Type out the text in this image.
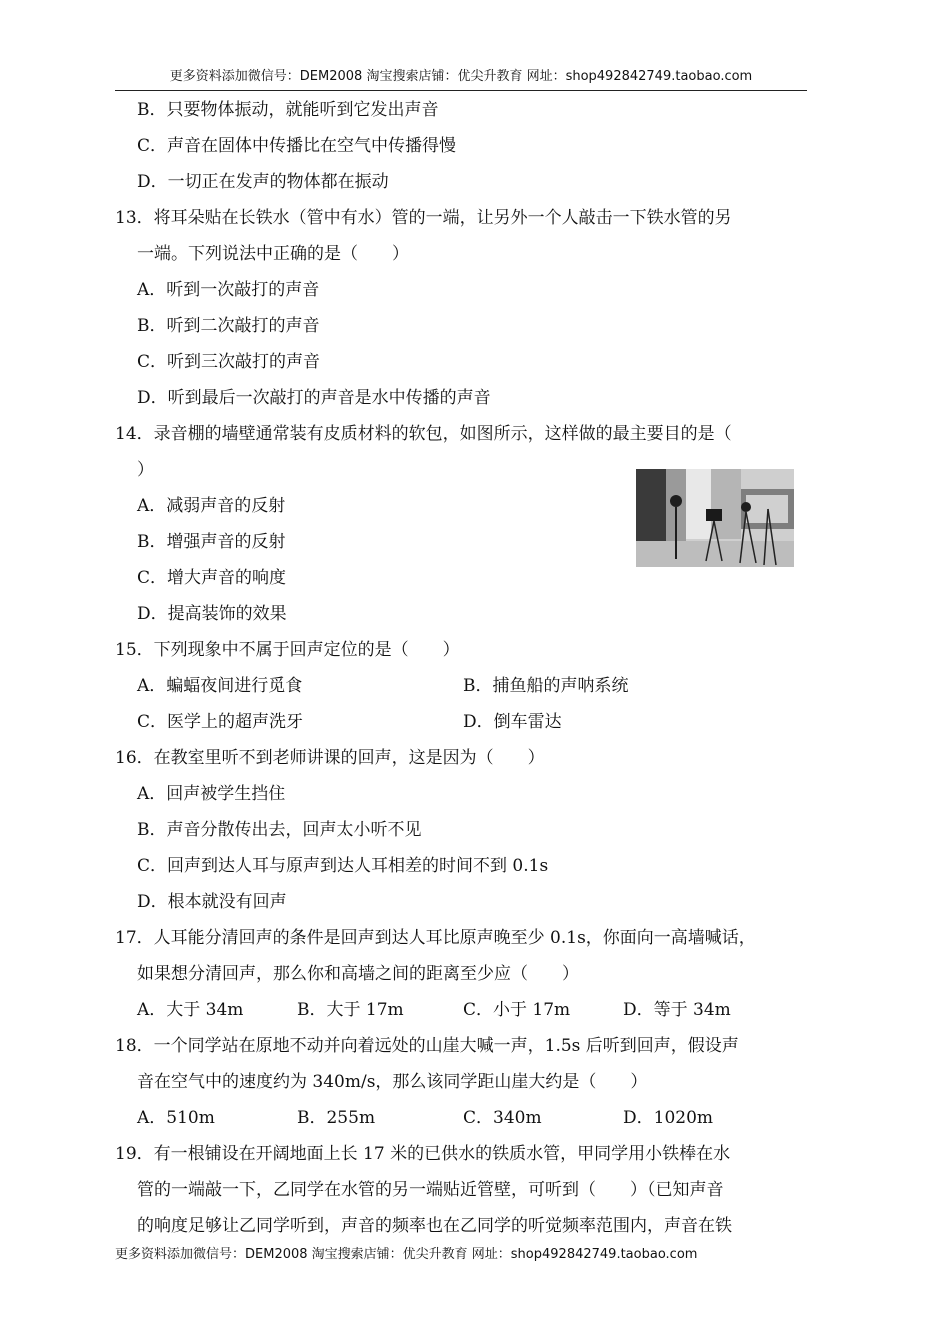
更多资料添加微信号：DEM2008 淘宝搜索店铺：优尖升教育 网址：shop492842749.taobao.com
B．只要物体振动，就能听到它发出声音
C．声音在固体中传播比在空气中传播得慢
D．一切正在发声的物体都在振动
13．将耳朵贴在长铁水（管中有水）管的一端，让另外一个人敲击一下铁水管的另
一端。下列说法中正确的是（　　）
A．听到一次敲打的声音
B．听到二次敲打的声音
C．听到三次敲打的声音
D．听到最后一次敲打的声音是水中传播的声音
14．录音棚的墙壁通常装有皮质材料的软包，如图所示，这样做的最主要目的是（
）
A．减弱声音的反射
B．增强声音的反射
C．增大声音的响度
D．提高装饰的效果
15．下列现象中不属于回声定位的是（　　）
A．蝙蝠夜间进行觅食	B．捕鱼船的声呐系统
C．医学上的超声洗牙	D．倒车雷达
16．在教室里听不到老师讲课的回声，这是因为（　　）
A．回声被学生挡住
B．声音分散传出去，回声太小听不见
C．回声到达人耳与原声到达人耳相差的时间不到 0.1s
D．根本就没有回声
17．人耳能分清回声的条件是回声到达人耳比原声晚至少 0.1s，你面向一高墙喊话，
如果想分清回声，那么你和高墙之间的距离至少应（　　）
A．大于 34m	B．大于 17m	C．小于 17m	D．等于 34m
18．一个同学站在原地不动并向着远处的山崖大喊一声，1.5s 后听到回声，假设声
音在空气中的速度约为 340m/s，那么该同学距山崖大约是（　　）
A．510m	B．255m	C．340m	D．1020m
19．有一根铺设在开阔地面上长 17 米的已供水的铁质水管，甲同学用小铁棒在水
管的一端敲一下，乙同学在水管的另一端贴近管壁，可听到（　　）（已知声音
的响度足够让乙同学听到，声音的频率也在乙同学的听觉频率范围内，声音在铁
更多资料添加微信号：DEM2008 淘宝搜索店铺：优尖升教育 网址：shop492842749.taobao.com
